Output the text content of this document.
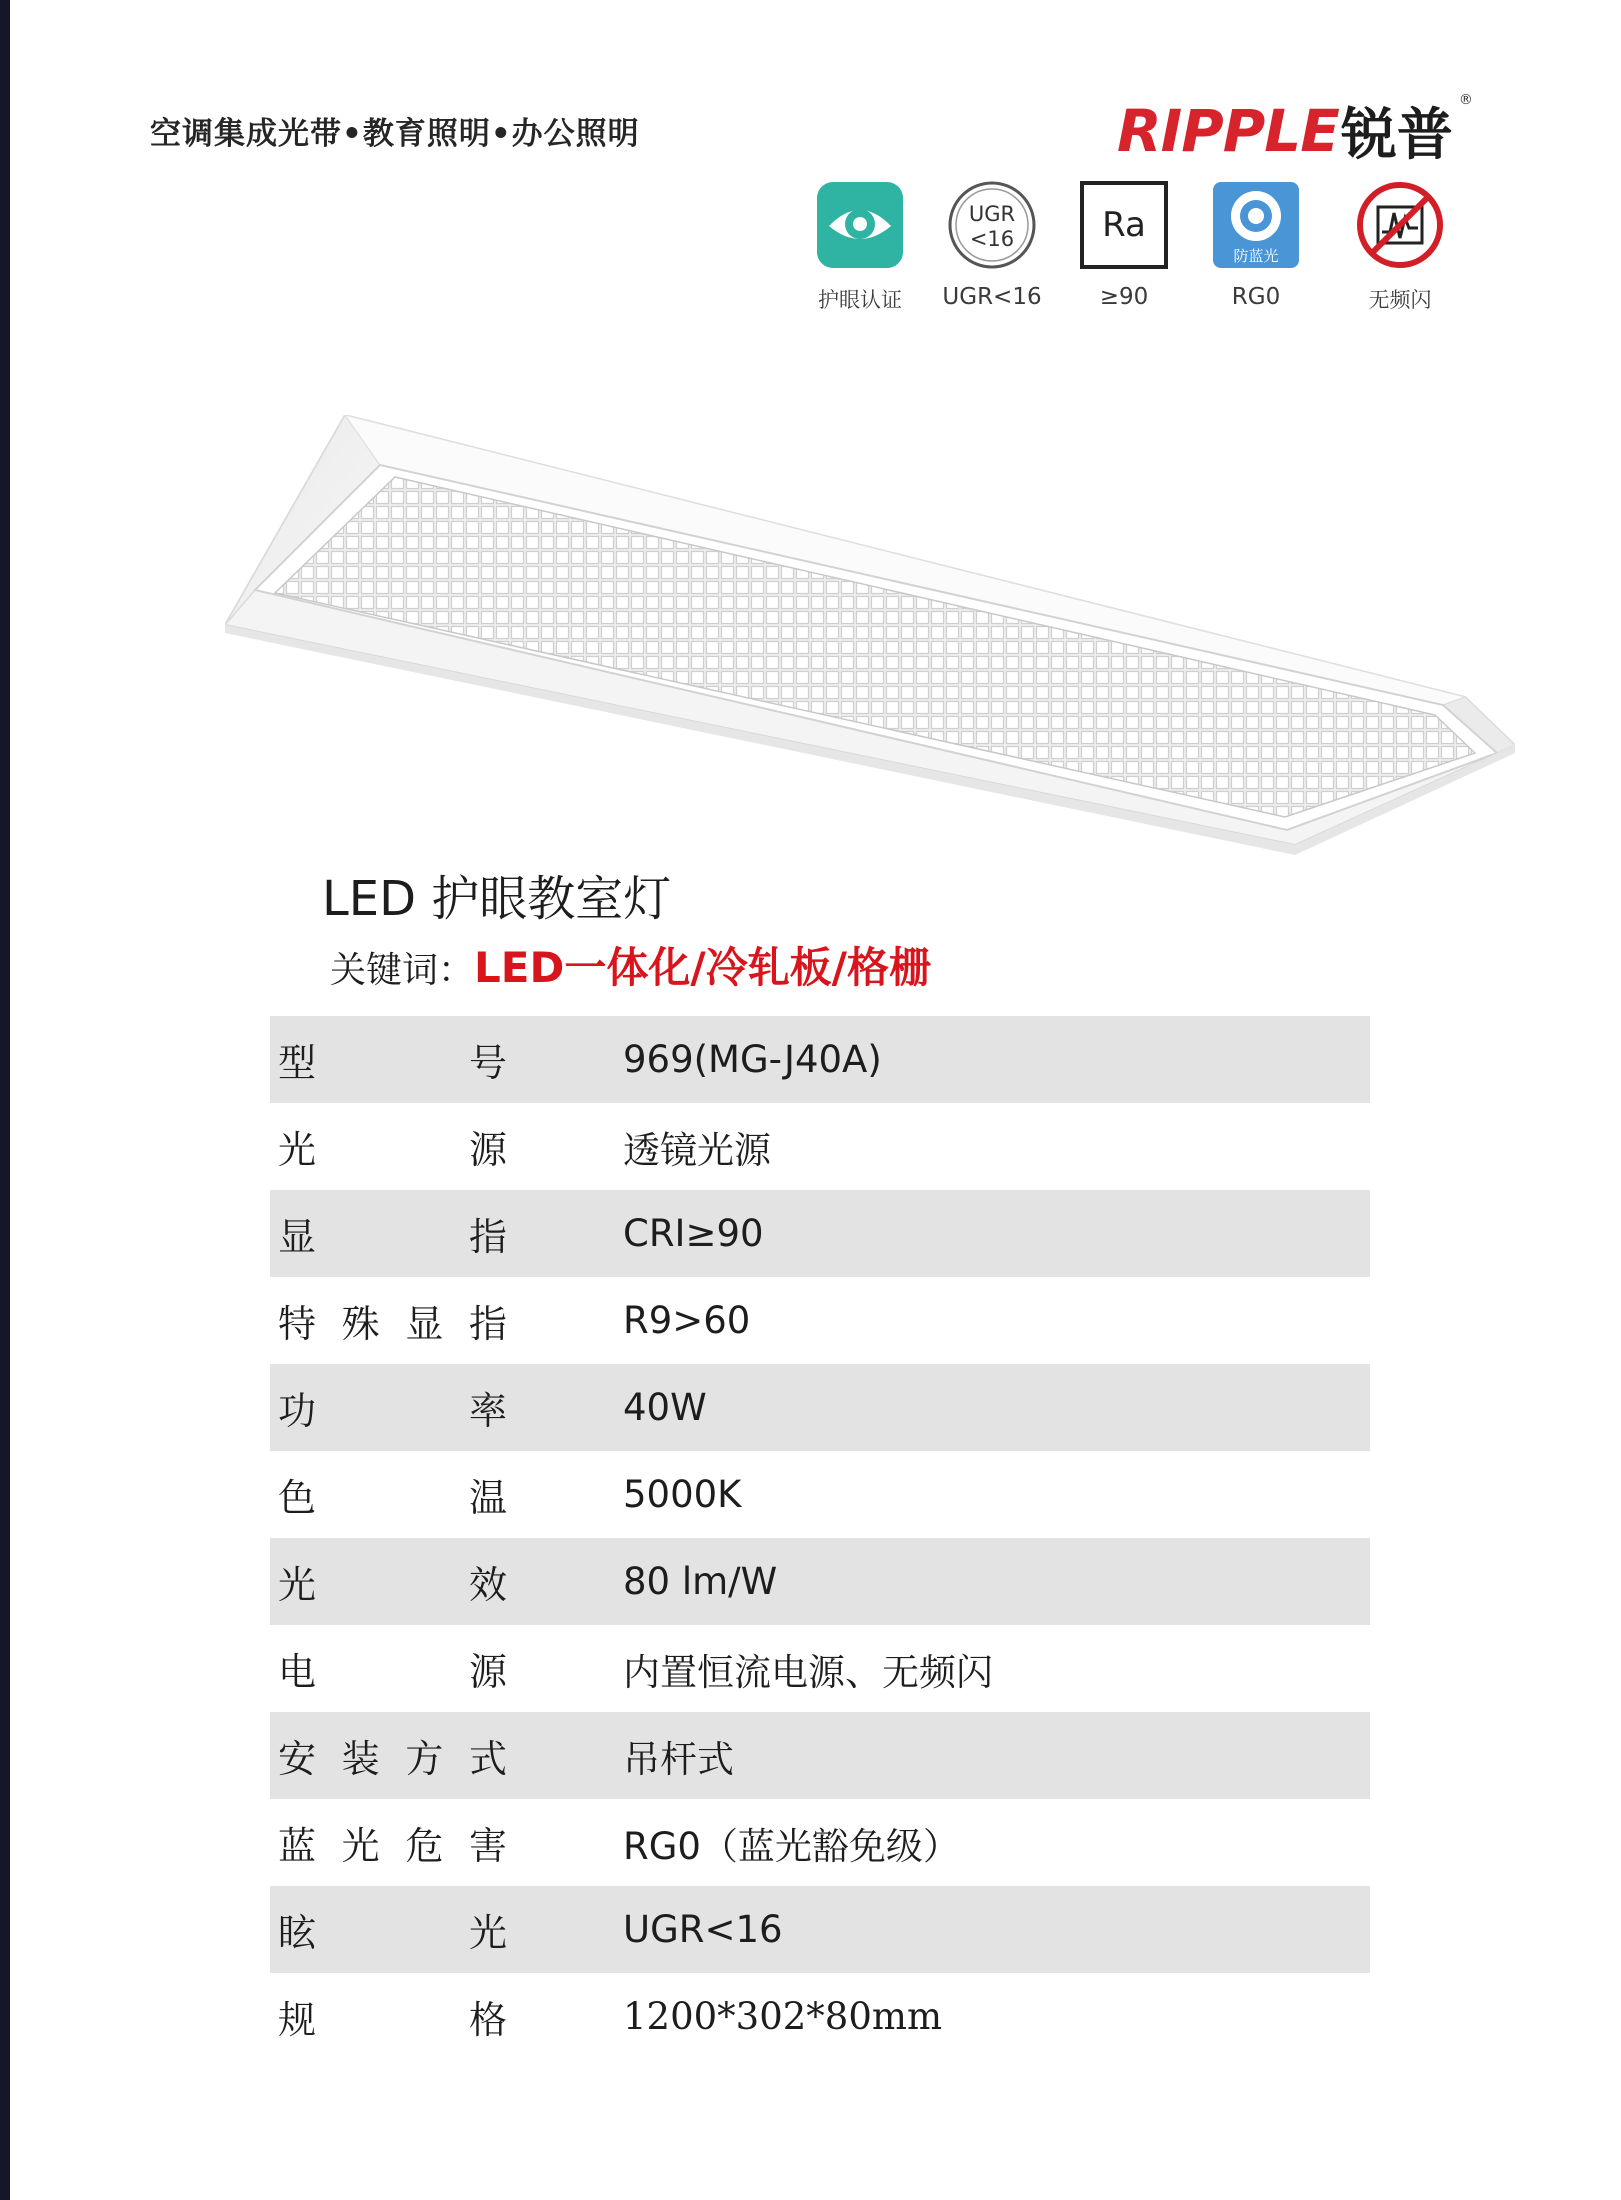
空调集成光带•教育照明•办公照明	RIPPLE 锐普
®
护眼认证
UGR
<16
UGR<16
Ra
≥90
防蓝光
RG0	无频闪
LED 护眼教室灯
关键词： LED一体化/冷轧板/格栅
型 号	969(MG-J40A)

光 源	透镜光源

显 指	CRI≥90

特 殊 显 指	R9>60

功 率	40W

色 温	5000K

光 效	80 lm/W

电 源	内置恒流电源、无频闪

安 装 方 式	吊杆式

蓝 光 危 害	RG0（蓝光豁免级）

眩 光	UGR<16

规 格	1200*302*80mm
